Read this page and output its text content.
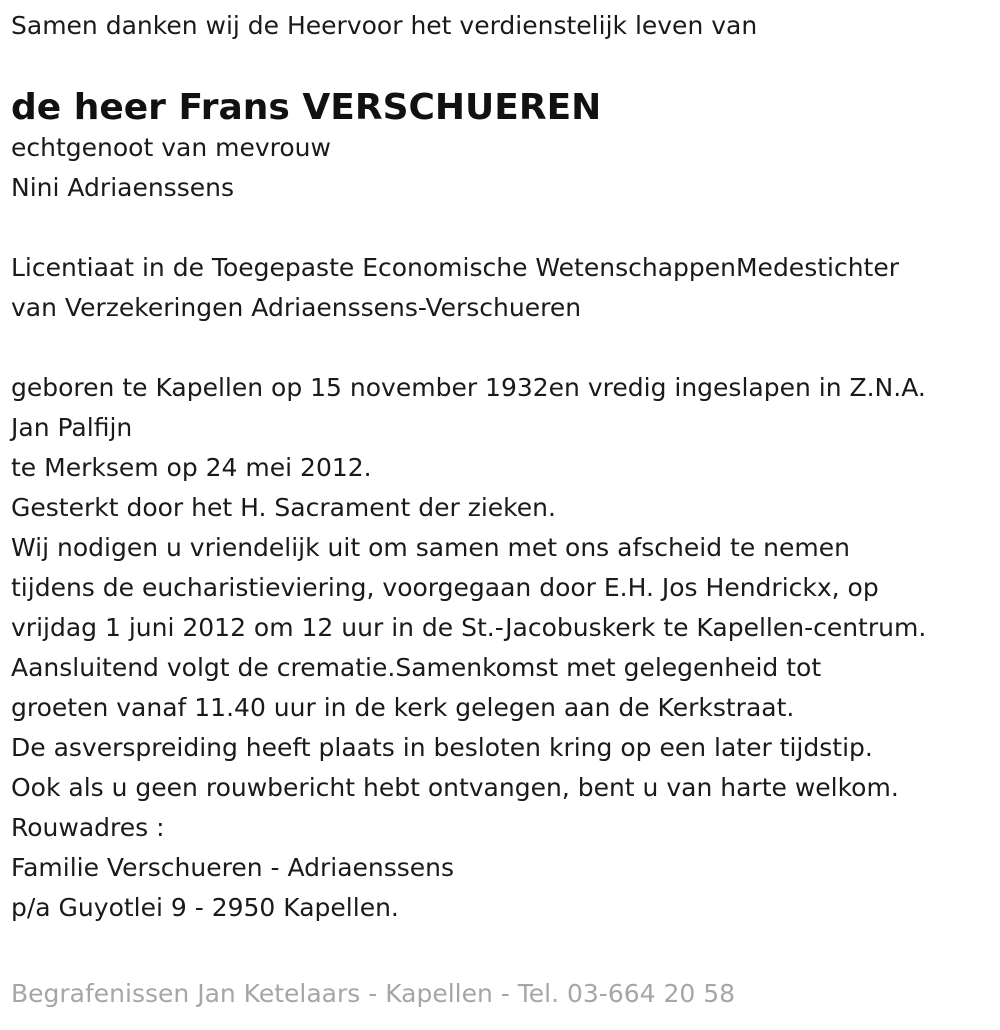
Samen danken wij de Heervoor het verdienstelijk leven van
de heer Frans VERSCHUEREN
echtgenoot van mevrouw
Nini Adriaenssens
Licentiaat in de Toegepaste Economische WetenschappenMedestichter
van Verzekeringen Adriaenssens-Verschueren
geboren te Kapellen op 15 november 1932en vredig ingeslapen in Z.N.A.
Jan Palfijn
te Merksem op 24 mei 2012.
Gesterkt door het H. Sacrament der zieken.
Wij nodigen u vriendelijk uit om samen met ons afscheid te nemen
tijdens de eucharistieviering, voorgegaan door E.H. Jos Hendrickx, op
vrijdag 1 juni 2012 om 12 uur in de St.-Jacobuskerk te Kapellen-centrum.
Aansluitend volgt de crematie.Samenkomst met gelegenheid tot
groeten vanaf 11.40 uur in de kerk gelegen aan de Kerkstraat.
De asverspreiding heeft plaats in besloten kring op een later tijdstip.
Ook als u geen rouwbericht hebt ontvangen, bent u van harte welkom.
Rouwadres :
Familie Verschueren - Adriaenssens
p/a Guyotlei 9 - 2950 Kapellen.
Begrafenissen Jan Ketelaars - Kapellen - Tel. 03-664 20 58
